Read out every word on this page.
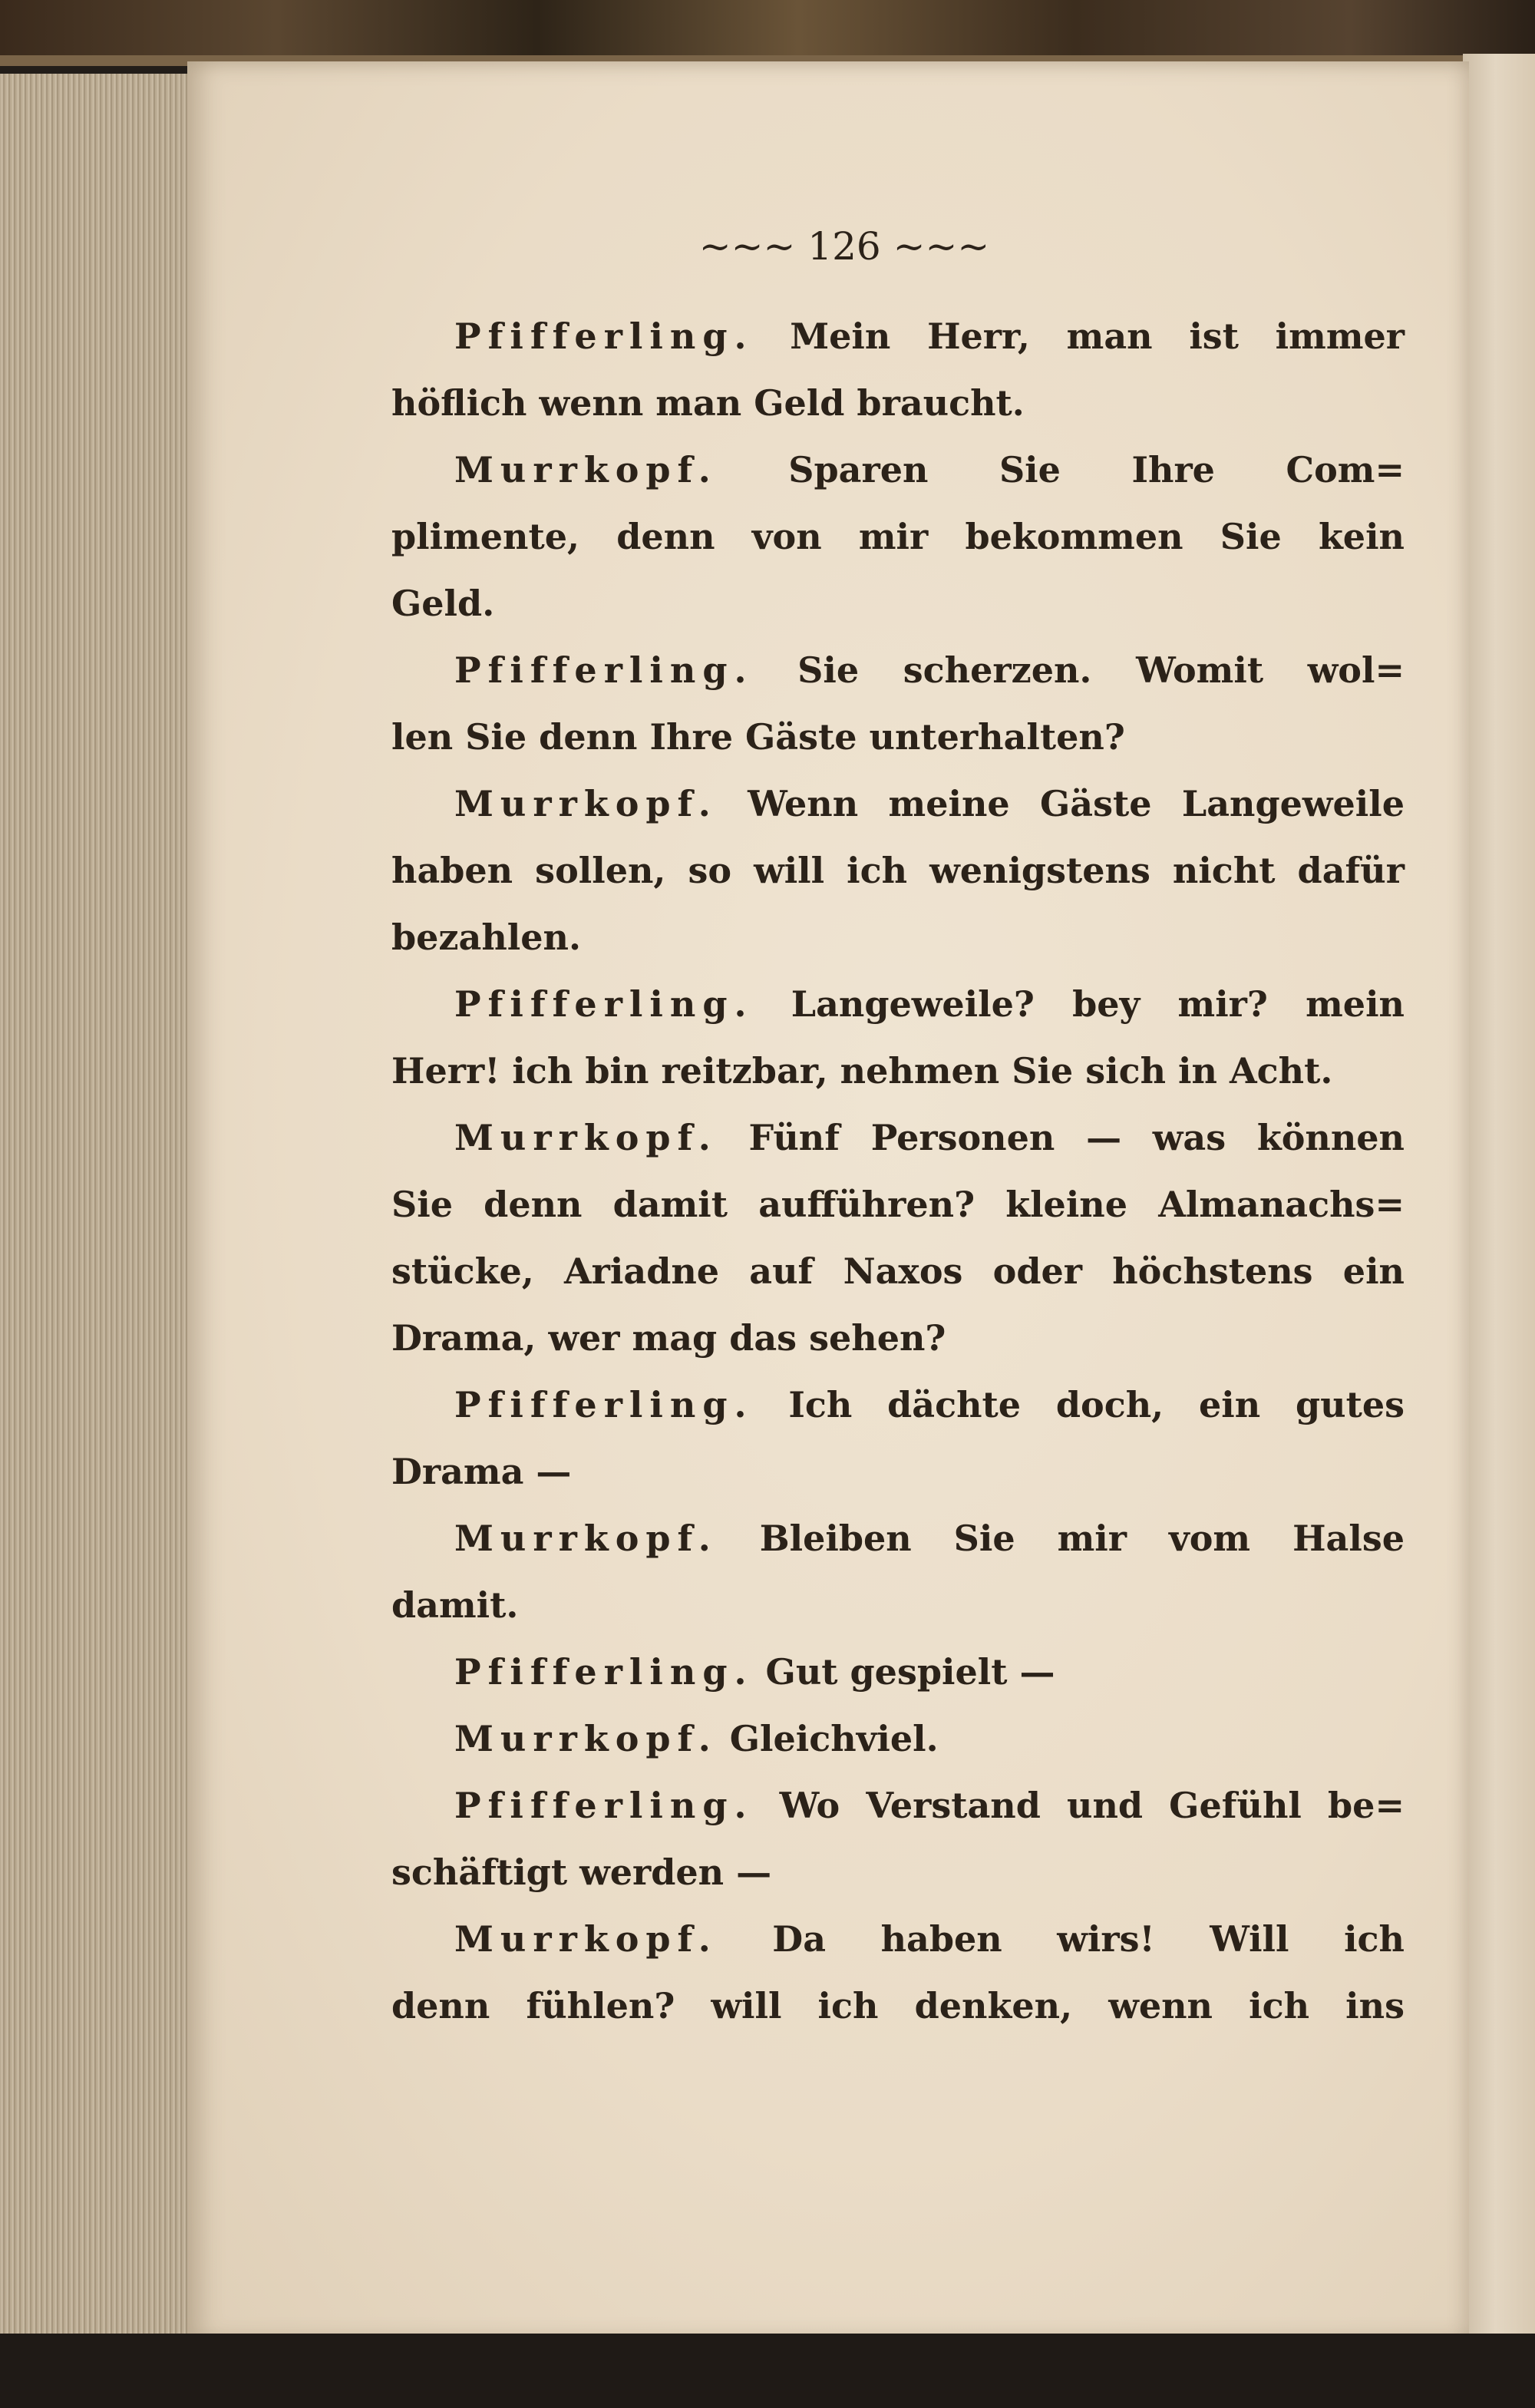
~~~ 126 ~~~
Pfifferling. Mein Herr, man ist immer
höflich wenn man Geld braucht.
Murrkopf. Sparen Sie Ihre Com=
plimente, denn von mir bekommen Sie kein
Geld.
Pfifferling. Sie scherzen. Womit wol=
len Sie denn Ihre Gäste unterhalten?
Murrkopf. Wenn meine Gäste Langeweile
haben sollen, so will ich wenigstens nicht dafür
bezahlen.
Pfifferling. Langeweile? bey mir? mein
Herr! ich bin reitzbar, nehmen Sie sich in Acht.
Murrkopf. Fünf Personen — was können
Sie denn damit aufführen? kleine Almanachs=
stücke, Ariadne auf Naxos oder höchstens ein
Drama, wer mag das sehen?
Pfifferling. Ich dächte doch, ein gutes
Drama —
Murrkopf. Bleiben Sie mir vom Halse
damit.
Pfifferling. Gut gespielt —
Murrkopf. Gleichviel.
Pfifferling. Wo Verstand und Gefühl be=
schäftigt werden —
Murrkopf. Da haben wirs! Will ich
denn fühlen? will ich denken, wenn ich ins
